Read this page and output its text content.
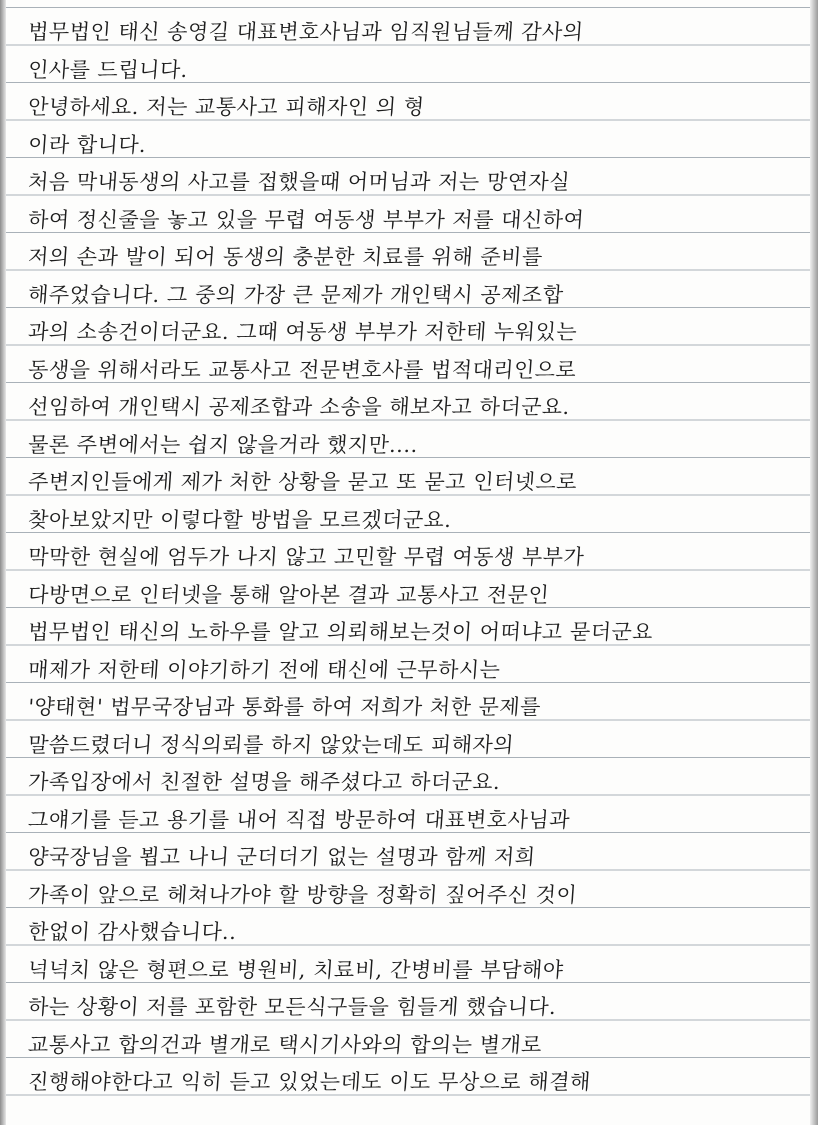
법무법인 태신 송영길 대표변호사님과 임직원님들께 감사의
인사를 드립니다.
안녕하세요. 저는 교통사고 피해자인 의 형
이라 합니다.
처음 막내동생의 사고를 접했을때 어머님과 저는 망연자실
하여 정신줄을 놓고 있을 무렵 여동생 부부가 저를 대신하여
저의 손과 발이 되어 동생의 충분한 치료를 위해 준비를
해주었습니다. 그 중의 가장 큰 문제가 개인택시 공제조합
과의 소송건이더군요. 그때 여동생 부부가 저한테 누워있는
동생을 위해서라도 교통사고 전문변호사를 법적대리인으로
선임하여 개인택시 공제조합과 소송을 해보자고 하더군요.
물론 주변에서는 쉽지 않을거라 했지만....
주변지인들에게 제가 처한 상황을 묻고 또 묻고 인터넷으로
찾아보았지만 이렇다할 방법을 모르겠더군요.
막막한 현실에 엄두가 나지 않고 고민할 무렵 여동생 부부가
다방면으로 인터넷을 통해 알아본 결과 교통사고 전문인
법무법인 태신의 노하우를 알고 의뢰해보는것이 어떠냐고 묻더군요
매제가 저한테 이야기하기 전에 태신에 근무하시는
'양태현' 법무국장님과 통화를 하여 저희가 처한 문제를
말씀드렸더니 정식의뢰를 하지 않았는데도 피해자의
가족입장에서 친절한 설명을 해주셨다고 하더군요.
그얘기를 듣고 용기를 내어 직접 방문하여 대표변호사님과
양국장님을 뵙고 나니 군더더기 없는 설명과 함께 저희
가족이 앞으로 헤쳐나가야 할 방향을 정확히 짚어주신 것이
한없이 감사했습니다..
넉넉치 않은 형편으로 병원비, 치료비, 간병비를 부담해야
하는 상황이 저를 포함한 모든식구들을 힘들게 했습니다.
교통사고 합의건과 별개로 택시기사와의 합의는 별개로
진행해야한다고 익히 듣고 있었는데도 이도 무상으로 해결해
